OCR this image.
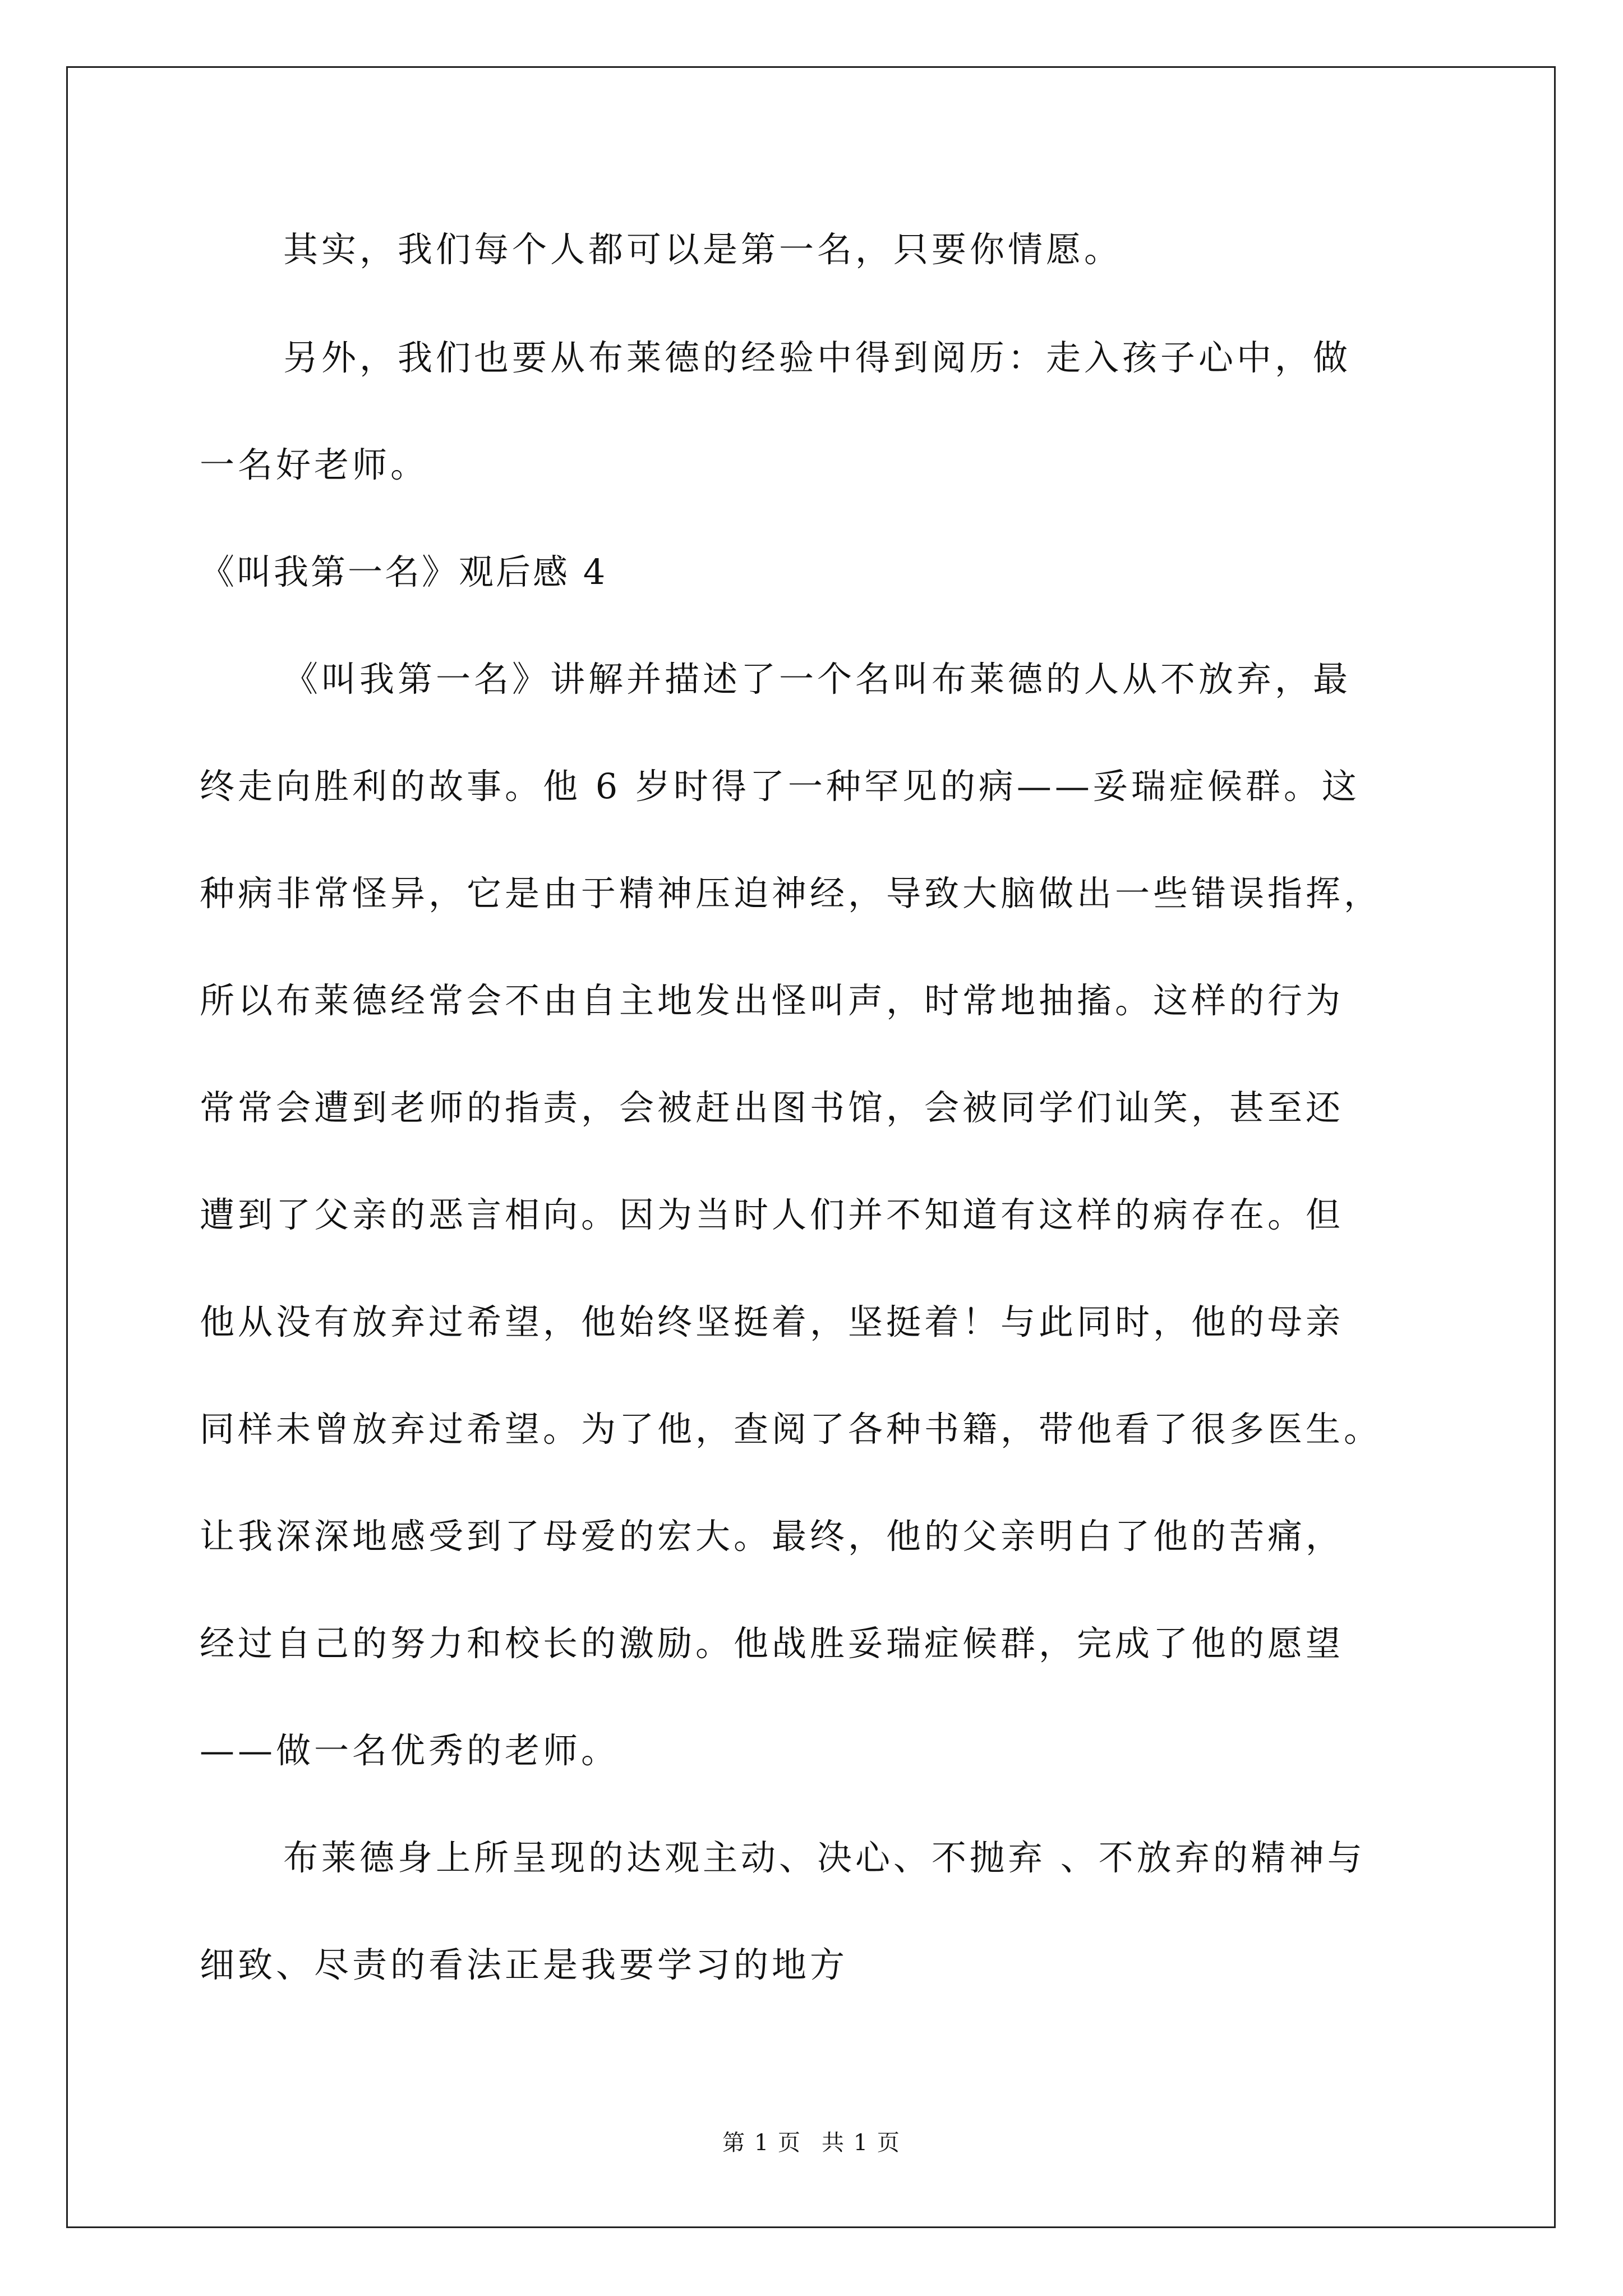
其实，我们每个人都可以是第一名，只要你情愿。
另外，我们也要从布莱德的经验中得到阅历：走入孩子心中，做
一名好老师。
《叫我第一名》观后感 4
《叫我第一名》讲解并描述了一个名叫布莱德的人从不放弃，最
终走向胜利的故事。他 6 岁时得了一种罕见的病——妥瑞症候群。这
种病非常怪异，它是由于精神压迫神经，导致大脑做出一些错误指挥，
所以布莱德经常会不由自主地发出怪叫声，时常地抽搐。这样的行为
常常会遭到老师的指责，会被赶出图书馆，会被同学们讪笑，甚至还
遭到了父亲的恶言相向。因为当时人们并不知道有这样的病存在。但
他从没有放弃过希望，他始终坚挺着，坚挺着！与此同时，他的母亲
同样未曾放弃过希望。为了他，查阅了各种书籍，带他看了很多医生。
让我深深地感受到了母爱的宏大。最终，他的父亲明白了他的苦痛，
经过自己的努力和校长的激励。他战胜妥瑞症候群，完成了他的愿望
——做一名优秀的老师。
布莱德身上所呈现的达观主动、决心、不抛弃 、不放弃的精神与
细致、尽责的看法正是我要学习的地方
第 1 页 共 1 页
